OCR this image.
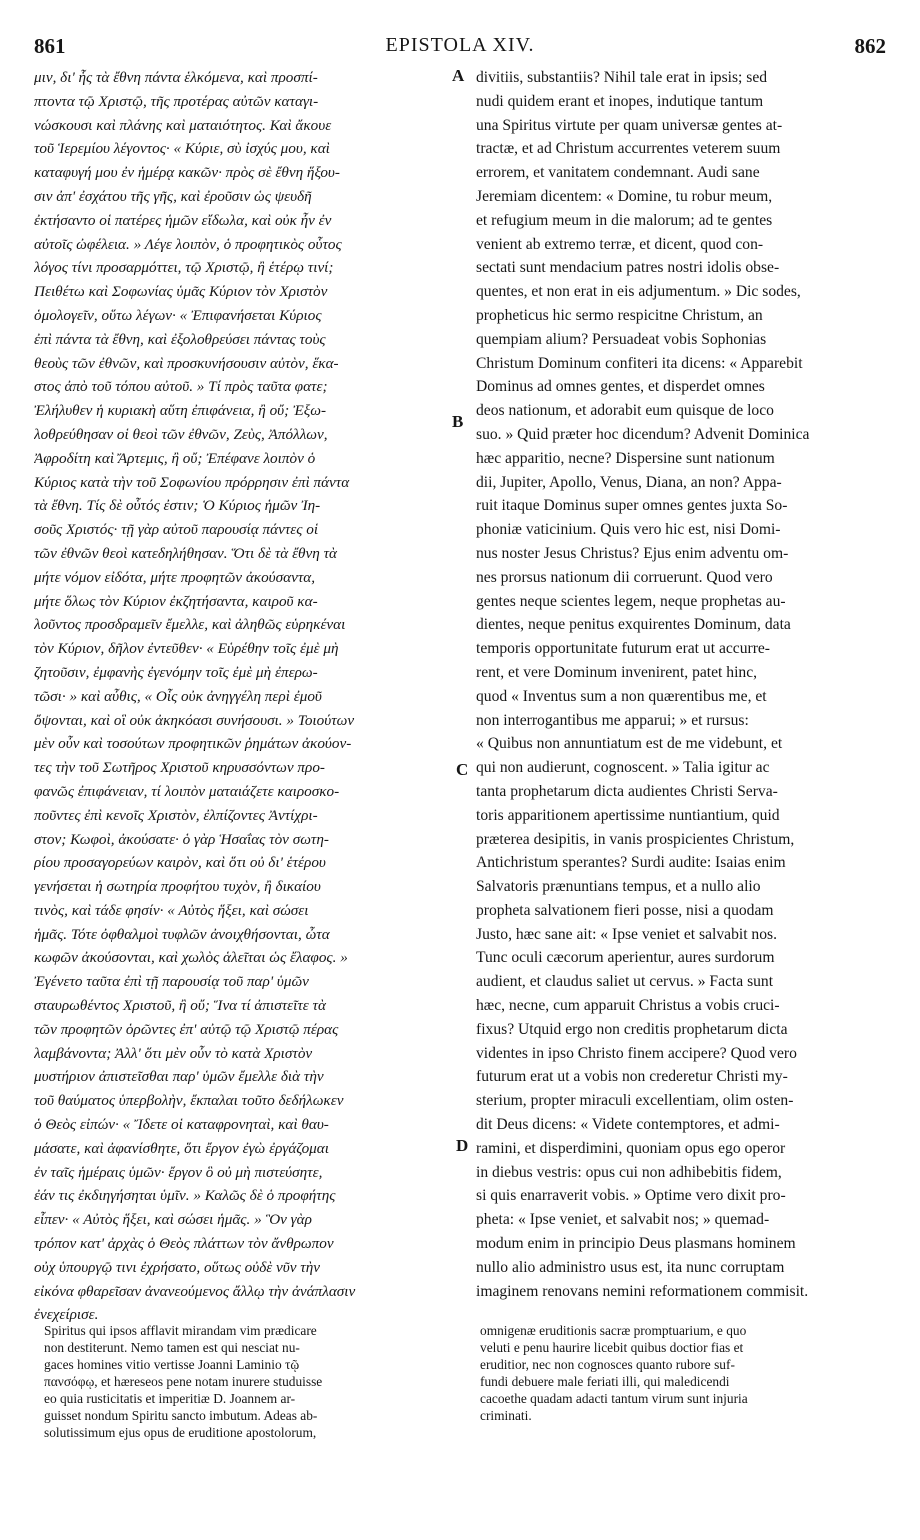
861	EPISTOLA XIV.	862
μιν, δι' ἧς τὰ ἔθνη πάντα ἑλκόμενα, καὶ προσπί-
πτοντα τῷ Χριστῷ, τῆς προτέρας αὐτῶν καταγι-
νώσκουσι καὶ πλάνης καὶ ματαιότητος. Καὶ ἄκουε
τοῦ Ἱερεμίου λέγοντος· « Κύριε, σὺ ἰσχύς μου, καὶ
καταφυγή μου ἐν ἡμέρᾳ κακῶν· πρὸς σὲ ἔθνη ἥξου-
σιν ἀπ' ἐσχάτου τῆς γῆς, καὶ ἐροῦσιν ὡς ψευδῆ
ἐκτήσαντο οἱ πατέρες ἡμῶν εἴδωλα, καὶ οὐκ ἦν ἐν
αὐτοῖς ὠφέλεια. » Λέγε λοιπὸν, ὁ προφητικὸς οὗτος
λόγος τίνι προσαρμόττει, τῷ Χριστῷ, ἢ ἑτέρῳ τινί;
Πειθέτω καὶ Σοφωνίας ὑμᾶς Κύριον τὸν Χριστὸν
ὁμολογεῖν, οὕτω λέγων· « Ἐπιφανήσεται Κύριος
ἐπὶ πάντα τὰ ἔθνη, καὶ ἐξολοθρεύσει πάντας τοὺς
θεοὺς τῶν ἐθνῶν, καὶ προσκυνήσουσιν αὐτὸν, ἕκα-
στος ἀπὸ τοῦ τόπου αὐτοῦ. » Τί πρὸς ταῦτα φατε;
Ἐλήλυθεν ἡ κυριακὴ αὕτη ἐπιφάνεια, ἢ οὔ; Ἐξω-
λοθρεύθησαν οἱ θεοὶ τῶν ἐθνῶν, Ζεὺς, Ἀπόλλων,
Ἀφροδίτη καὶ Ἄρτεμις, ἢ οὔ; Ἐπέφανε λοιπὸν ὁ
Κύριος κατὰ τὴν τοῦ Σοφωνίου πρόρρησιν ἐπὶ πάντα
τὰ ἔθνη. Τίς δὲ οὗτός ἐστιν; Ὁ Κύριος ἡμῶν Ἰη-
σοῦς Χριστός· τῇ γὰρ αὐτοῦ παρουσίᾳ πάντες οἱ
τῶν ἐθνῶν θεοὶ κατεδηλήθησαν. Ὅτι δὲ τὰ ἔθνη τὰ
μήτε νόμον εἰδότα, μήτε προφητῶν ἀκούσαντα,
μήτε ὅλως τὸν Κύριον ἐκζητήσαντα, καιροῦ κα-
λοῦντος προσδραμεῖν ἔμελλε, καὶ ἀληθῶς εὑρηκέναι
τὸν Κύριον, δῆλον ἐντεῦθεν· « Εὑρέθην τοῖς ἐμὲ μὴ
ζητοῦσιν, ἐμφανὴς ἐγενόμην τοῖς ἐμὲ μὴ ἐπερω-
τῶσι· » καὶ αὖθις, « Οἷς οὐκ ἀνηγγέλη περὶ ἐμοῦ
ὄψονται, καὶ οἳ οὐκ ἀκηκόασι συνήσουσι. » Τοιούτων
μὲν οὖν καὶ τοσούτων προφητικῶν ῥημάτων ἀκούον-
τες τὴν τοῦ Σωτῆρος Χριστοῦ κηρυσσόντων προ-
φανῶς ἐπιφάνειαν, τί λοιπὸν ματαιάζετε καιροσκο-
ποῦντες ἐπὶ κενοῖς Χριστὸν, ἐλπίζοντες Ἀντίχρι-
στον; Κωφοὶ, ἀκούσατε· ὁ γὰρ Ἡσαΐας τὸν σωτη-
ρίου προσαγορεύων καιρὸν, καὶ ὅτι οὐ δι' ἑτέρου
γενήσεται ἡ σωτηρία προφήτου τυχὸν, ἢ δικαίου
τινὸς, καὶ τάδε φησίν· « Αὐτὸς ἥξει, καὶ σώσει
ἡμᾶς. Τότε ὀφθαλμοὶ τυφλῶν ἀνοιχθήσονται, ὦτα
κωφῶν ἀκούσονται, καὶ χωλὸς ἁλεῖται ὡς ἔλαφος. »
Ἐγένετο ταῦτα ἐπὶ τῇ παρουσίᾳ τοῦ παρ' ὑμῶν
σταυρωθέντος Χριστοῦ, ἢ οὔ; Ἵνα τί ἀπιστεῖτε τὰ
τῶν προφητῶν ὁρῶντες ἐπ' αὐτῷ τῷ Χριστῷ πέρας
λαμβάνοντα; Ἀλλ' ὅτι μὲν οὖν τὸ κατὰ Χριστὸν
μυστήριον ἀπιστεῖσθαι παρ' ὑμῶν ἔμελλε διὰ τὴν
τοῦ θαύματος ὑπερβολὴν, ἔκπαλαι τοῦτο δεδήλωκεν
ὁ Θεὸς εἰπών· « Ἴδετε οἱ καταφρονηταὶ, καὶ θαυ-
μάσατε, καὶ ἀφανίσθητε, ὅτι ἔργον ἐγὼ ἐργάζομαι
ἐν ταῖς ἡμέραις ὑμῶν· ἔργον ὃ οὐ μὴ πιστεύσητε,
ἐάν τις ἐκδιηγήσηται ὑμῖν. » Καλῶς δὲ ὁ προφήτης
εἶπεν· « Αὐτὸς ἥξει, καὶ σώσει ἡμᾶς. » Ὃν γὰρ
τρόπον κατ' ἀρχὰς ὁ Θεὸς πλάττων τὸν ἄνθρωπον
οὐχ ὑπουργῷ τινι ἐχρήσατο, οὕτως οὐδὲ νῦν τὴν
εἰκόνα φθαρεῖσαν ἀνανεούμενος ἄλλῳ τὴν ἀνάπλασιν
ἐνεχείρισε.
divitiis, substantiis? Nihil tale erat in ipsis; sed
nudi quidem erant et inopes, indutique tantum
una Spiritus virtute per quam universæ gentes at-
tractæ, et ad Christum accurrentes veterem suum
errorem, et vanitatem condemnant. Audi sane
Jeremiam dicentem: « Domine, tu robur meum,
et refugium meum in die malorum; ad te gentes
venient ab extremo terræ, et dicent, quod con-
sectati sunt mendacium patres nostri idolis obse-
quentes, et non erat in eis adjumentum. » Dic sodes,
propheticus hic sermo respicitne Christum, an
quempiam alium? Persuadeat vobis Sophonias
Christum Dominum confiteri ita dicens: « Apparebit
Dominus ad omnes gentes, et disperdet omnes
deos nationum, et adorabit eum quisque de loco
suo. » Quid præter hoc dicendum? Advenit Dominica
hæc apparitio, necne? Dispersine sunt nationum
dii, Jupiter, Apollo, Venus, Diana, an non? Appa-
ruit itaque Dominus super omnes gentes juxta So-
phoniæ vaticinium. Quis vero hic est, nisi Domi-
nus noster Jesus Christus? Ejus enim adventu om-
nes prorsus nationum dii corruerunt. Quod vero
gentes neque scientes legem, neque prophetas au-
dientes, neque penitus exquirentes Dominum, data
temporis opportunitate futurum erat ut accurre-
rent, et vere Dominum invenirent, patet hinc,
quod « Inventus sum a non quærentibus me, et
non interrogantibus me apparui; » et rursus:
« Quibus non annuntiatum est de me videbunt, et
qui non audierunt, cognoscent. » Talia igitur ac
tanta prophetarum dicta audientes Christi Serva-
toris apparitionem apertissime nuntiantium, quid
præterea desipitis, in vanis prospicientes Christum,
Antichristum sperantes? Surdi audite: Isaias enim
Salvatoris prænuntians tempus, et a nullo alio
propheta salvationem fieri posse, nisi a quodam
Justo, hæc sane ait: « Ipse veniet et salvabit nos.
Tunc oculi cæcorum aperientur, aures surdorum
audient, et claudus saliet ut cervus. » Facta sunt
hæc, necne, cum apparuit Christus a vobis cruci-
fixus? Utquid ergo non creditis prophetarum dicta
videntes in ipso Christo finem accipere? Quod vero
futurum erat ut a vobis non crederetur Christi my-
sterium, propter miraculi excellentiam, olim osten-
dit Deus dicens: « Videte contemptores, et admi-
ramini, et disperdimini, quoniam opus ego operor
in diebus vestris: opus cui non adhibebitis fidem,
si quis enarraverit vobis. » Optime vero dixit pro-
pheta: « Ipse veniet, et salvabit nos; » quemad-
modum enim in principio Deus plasmans hominem
nullo alio administro usus est, ita nunc corruptam
imaginem renovans nemini reformationem commisit.
A
B
C
D
Spiritus qui ipsos afflavit mirandam vim prædicare
non destiterunt. Nemo tamen est qui nesciat nu-
gaces homines vitio vertisse Joanni Laminio τῷ
πανσόφῳ, et hæreseos pene notam inurere studuisse
eo quia rusticitatis et imperitiæ D. Joannem ar-
guisset nondum Spiritu sancto imbutum. Adeas ab-
solutissimum ejus opus de eruditione apostolorum,
omnigenæ eruditionis sacræ promptuarium, e quo
veluti e penu haurire licebit quibus doctior fias et
eruditior, nec non cognosces quanto rubore suf-
fundi debuere male feriati illi, qui maledicendi
cacoethe quadam adacti tantum virum sunt injuria
criminati.
